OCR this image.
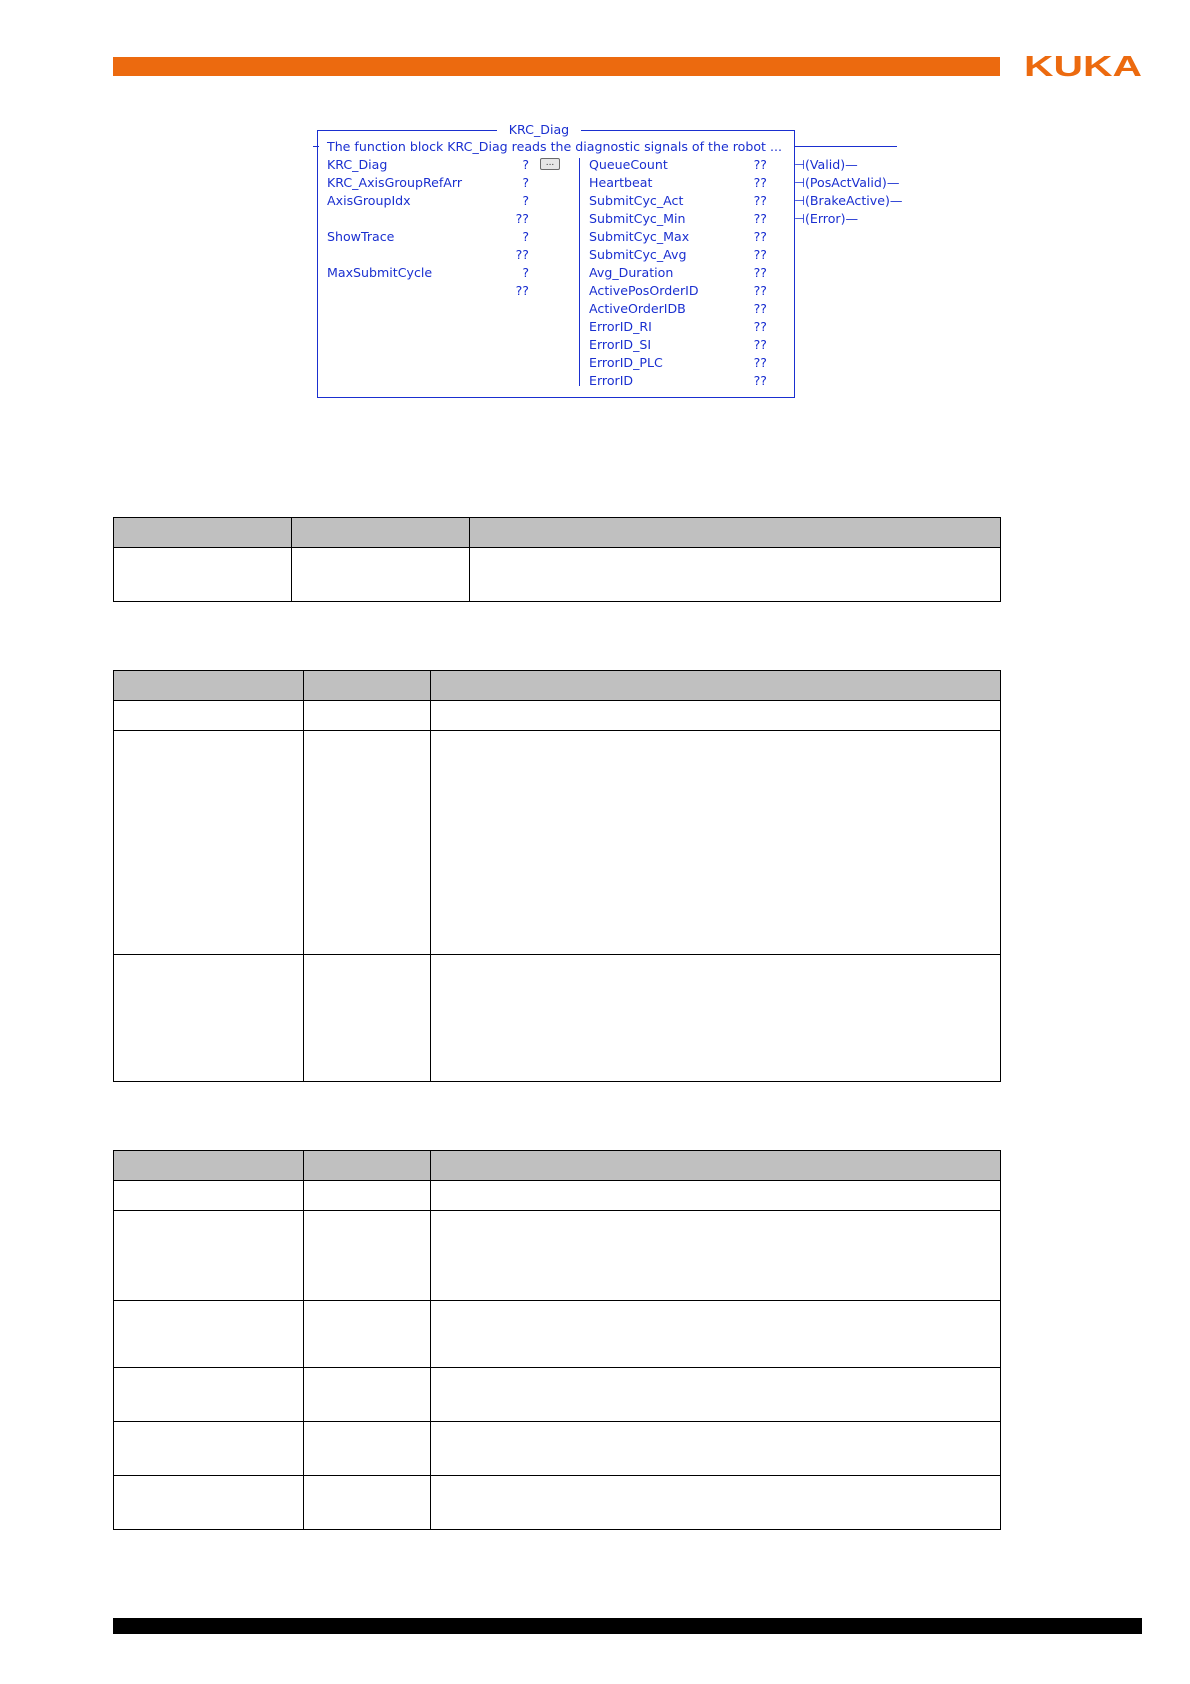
KUKA
KRC_Diag
The function block KRC_Diag reads the diagnostic signals of the robot ...
KRC_Diag	?	...
KRC_AxisGroupRefArr	?
AxisGroupIdx	?
??
ShowTrace	?
??
MaxSubmitCycle	?
??
QueueCount	??
Heartbeat	??
SubmitCyc_Act	??
SubmitCyc_Min	??
SubmitCyc_Max	??
SubmitCyc_Avg	??
Avg_Duration	??
ActivePosOrderID	??
ActiveOrderIDB	??
ErrorID_RI	??
ErrorID_SI	??
ErrorID_PLC	??
ErrorID	??
⊣(Valid)—
⊣(PosActValid)—
⊣(BrakeActive)—
⊣(Error)—
